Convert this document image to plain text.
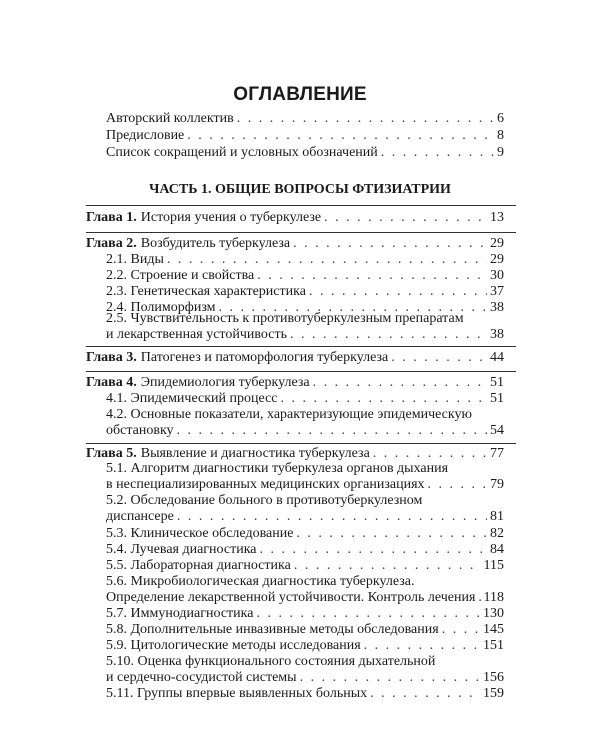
ОГЛАВЛЕНИЕ
Авторский коллектив . . .	6
Предисловие . . .	8
Список сокращений и условных обозначений . . .	9
ЧАСТЬ 1. ОБЩИЕ ВОПРОСЫ ФТИЗИАТРИИ
Глава 1. История учения о туберкулезе . . .	13
Глава 2. Возбудитель туберкулеза . . .	29
2.1. Виды . . .	29
2.2. Строение и свойства . . .	30
2.3. Генетическая характеристика . . .	37
2.4. Полиморфизм . . .	38
2.5. Чувствительность к противотуберкулезным препаратам
и лекарственная устойчивость . . .	38
Глава 3. Патогенез и патоморфология туберкулеза . . .	44
Глава 4. Эпидемиология туберкулеза . . .	51
4.1. Эпидемический процесс . . .	51
4.2. Основные показатели, характеризующие эпидемическую
обстановку . . .	54
Глава 5. Выявление и диагностика туберкулеза . . .	77
5.1. Алгоритм диагностики туберкулеза органов дыхания
в неспециализированных медицинских организациях . . .	79
5.2. Обследование больного в противотуберкулезном
диспансере . . .	81
5.3. Клиническое обследование . . .	82
5.4. Лучевая диагностика . . .	84
5.5. Лабораторная диагностика . . .	115
5.6. Микробиологическая диагностика туберкулеза.
Определение лекарственной устойчивости. Контроль лечения . . . 118
5.7. Иммунодиагностика . . .	130
5.8. Дополнительные инвазивные методы обследования . . .	145
5.9. Цитологические методы исследования . . .	151
5.10. Оценка функционального состояния дыхательной
и сердечно-сосудистой системы . . .	156
5.11. Группы впервые выявленных больных . . .	159
